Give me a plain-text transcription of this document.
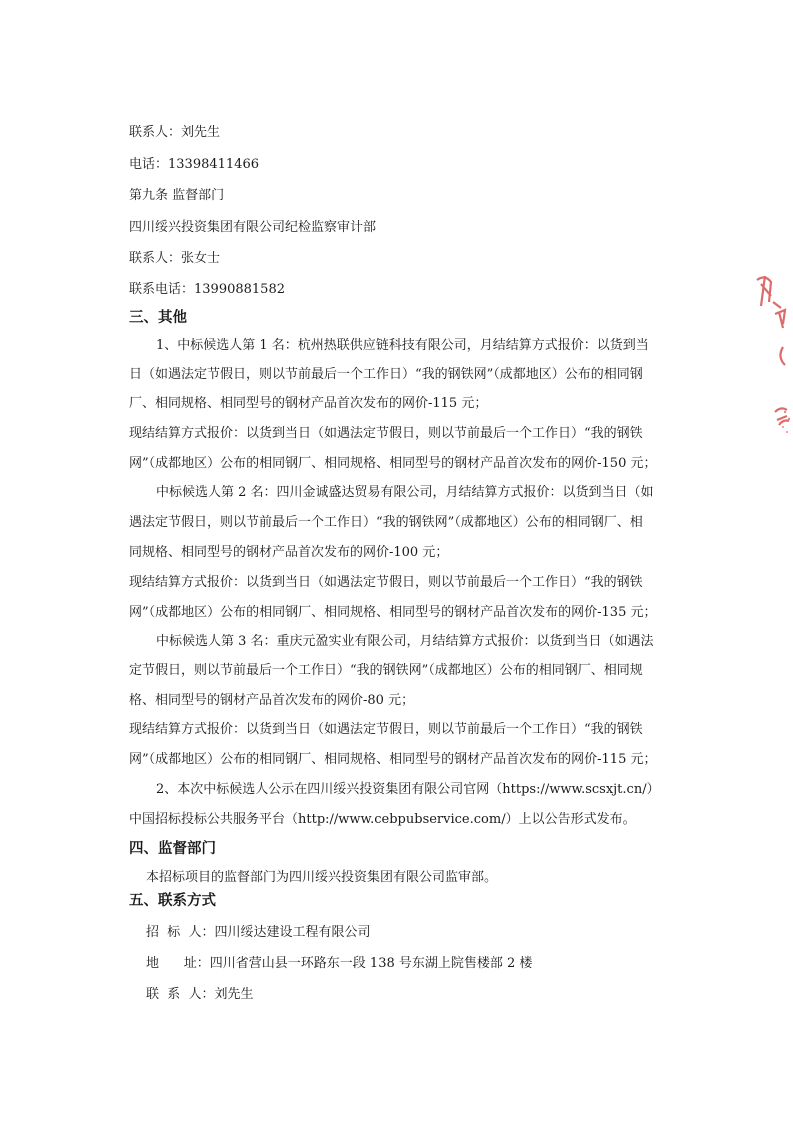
联系人：刘先生
电话：13398411466
第九条 监督部门
四川绥兴投资集团有限公司纪检监察审计部
联系人：张女士
联系电话：13990881582
三、其他
1、中标候选人第 1 名：杭州热联供应链科技有限公司，月结结算方式报价：以货到当
日（如遇法定节假日，则以节前最后一个工作日）“我的钢铁网”（成都地区）公布的相同钢
厂、相同规格、相同型号的钢材产品首次发布的网价-115 元；
现结结算方式报价：以货到当日（如遇法定节假日，则以节前最后一个工作日）“我的钢铁
网”（成都地区）公布的相同钢厂、相同规格、相同型号的钢材产品首次发布的网价-150 元；
中标候选人第 2 名：四川金诚盛达贸易有限公司，月结结算方式报价：以货到当日（如
遇法定节假日，则以节前最后一个工作日）“我的钢铁网”（成都地区）公布的相同钢厂、相
同规格、相同型号的钢材产品首次发布的网价-100 元；
现结结算方式报价：以货到当日（如遇法定节假日，则以节前最后一个工作日）“我的钢铁
网”（成都地区）公布的相同钢厂、相同规格、相同型号的钢材产品首次发布的网价-135 元；
中标候选人第 3 名：重庆元盈实业有限公司，月结结算方式报价：以货到当日（如遇法
定节假日，则以节前最后一个工作日）“我的钢铁网”（成都地区）公布的相同钢厂、相同规
格、相同型号的钢材产品首次发布的网价-80 元；
现结结算方式报价：以货到当日（如遇法定节假日，则以节前最后一个工作日）“我的钢铁
网”（成都地区）公布的相同钢厂、相同规格、相同型号的钢材产品首次发布的网价-115 元；
2、本次中标候选人公示在四川绥兴投资集团有限公司官网（https://www.scsxjt.cn/）
中国招标投标公共服务平台（http://www.cebpubservice.com/）上以公告形式发布。
四、监督部门
本招标项目的监督部门为四川绥兴投资集团有限公司监审部。
五、联系方式
招  标  人：四川绥达建设工程有限公司
地      址：四川省营山县一环路东一段 138 号东湖上院售楼部 2 楼
联  系  人：刘先生
